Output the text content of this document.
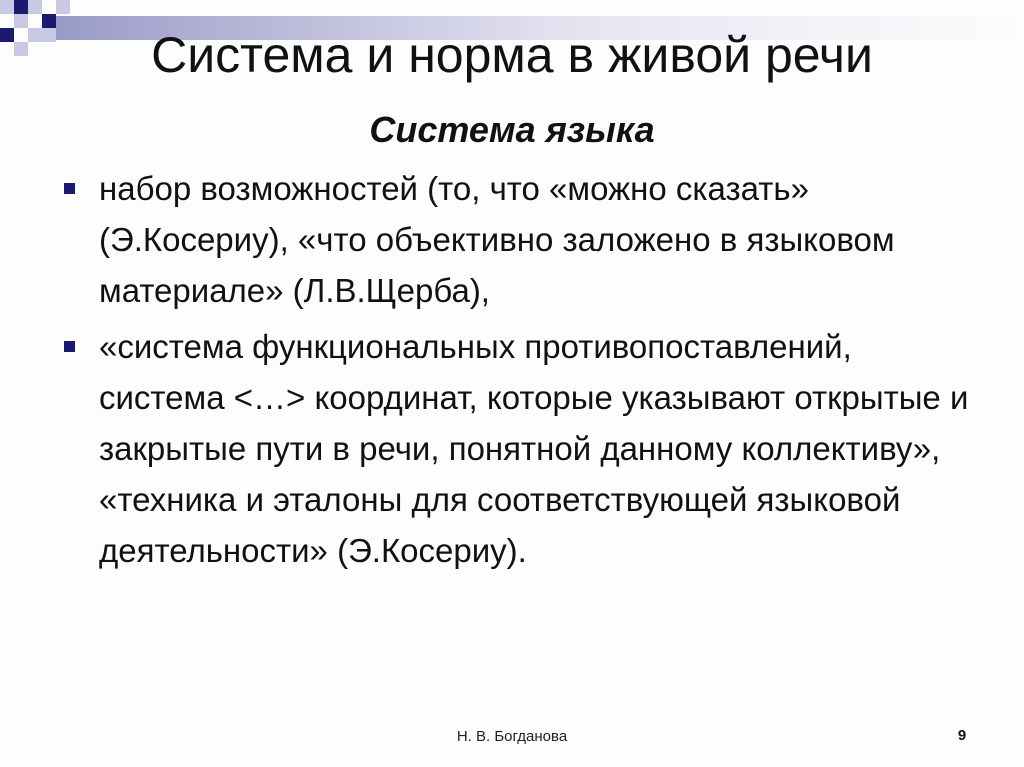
Система и норма в живой речи
Система языка
набор возможностей (то, что «можно сказать» (Э.Косериу), «что объективно заложено в языковом материале» (Л.В.Щерба),
«система функциональных противопоставлений, система <…> координат, которые указывают открытые и закрытые пути в речи, понятной данному коллективу», «техника и эталоны для соответствующей языковой деятельности» (Э.Косериу).
Н. В. Богданова	9
